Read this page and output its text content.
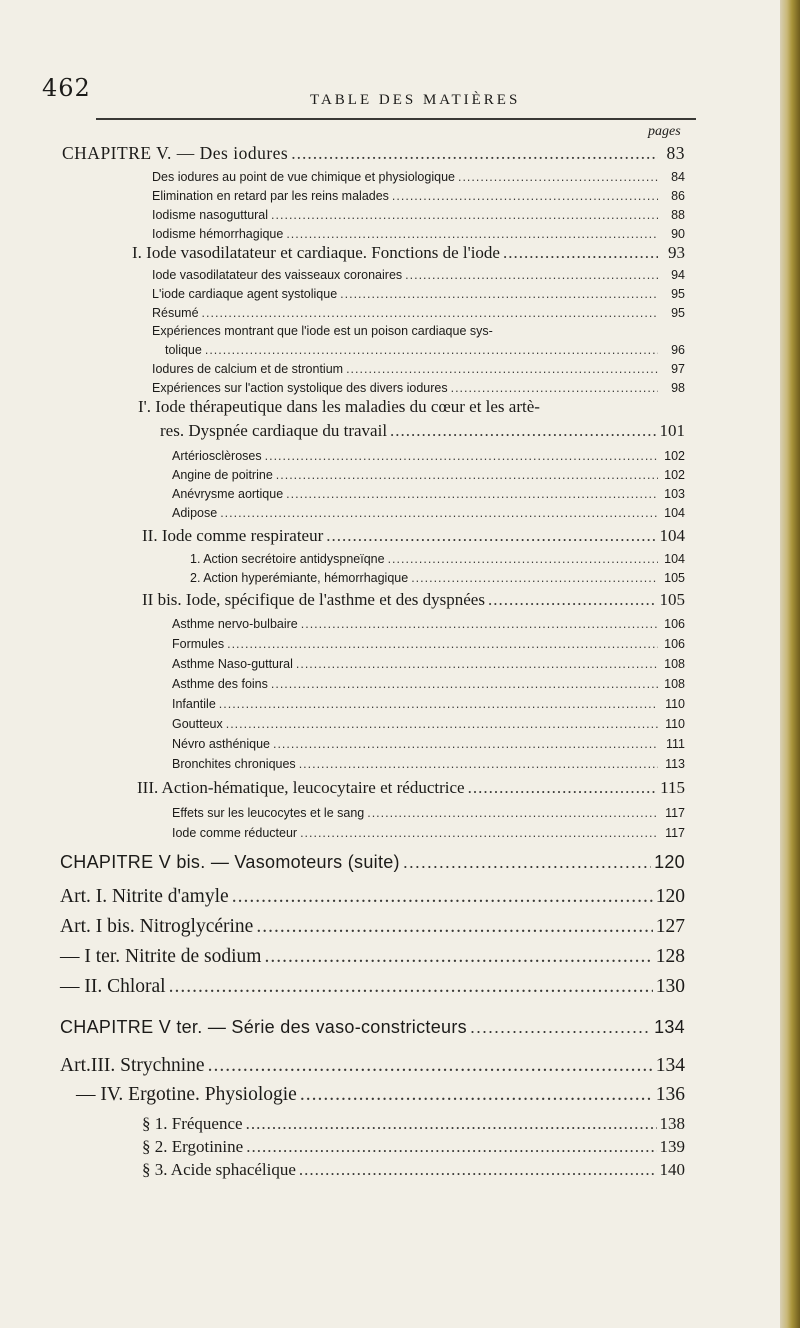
462	TABLE DES MATIÈRES
pages
CHAPITRE V. — Des iodures .....	83
Des iodures au point de vue chimique et physiologique .....	84
Elimination en retard par les reins malades .....	86
Iodisme nasoguttural .....	88
Iodisme hémorrhagique .....	90
I. Iode vasodilatateur et cardiaque. Fonctions de l'iode .....	93
Iode vasodilatateur des vaisseaux coronaires .....	94
L'iode cardiaque agent systolique .....	95
Résumé .....	95
Expériences montrant que l'iode est un poison cardiaque sys-
tolique .....	96
Iodures de calcium et de strontium .....	97
Expériences sur l'action systolique des divers iodures .....	98
I'. Iode thérapeutique dans les maladies du cœur et les artè-
res. Dyspnée cardiaque du travail .....	101
Artériosclèroses .....	102
Angine de poitrine .....	102
Anévrysme aortique .....	103
Adipose .....	104
II. Iode comme respirateur .....	104
1. Action secrétoire antidyspneïqne .....	104
2. Action hyperémiante, hémorrhagique .....	105
II bis. Iode, spécifique de l'asthme et des dyspnées .....	105
Asthme nervo-bulbaire .....	106
Formules .....	106
Asthme Naso-guttural .....	108
Asthme des foins .....	108
Infantile .....	110
Goutteux .....	110
Névro asthénique .....	111
Bronchites chroniques .....	113
III. Action-hématique, leucocytaire et réductrice .....	115
Effets sur les leucocytes et le sang .....	117
Iode comme réducteur .....	117
CHAPITRE V bis. — Vasomoteurs (suite) .....	120
Art. I. Nitrite d'amyle .....	120
Art. I bis. Nitroglycérine .....	127
— I ter. Nitrite de sodium .....	128
— II. Chloral .....	130
CHAPITRE V ter. — Série des vaso-constricteurs .....	134
Art.III. Strychnine .....	134
— IV. Ergotine. Physiologie .....	136
§ 1. Fréquence .....	138
§ 2. Ergotinine .....	139
§ 3. Acide sphacélique .....	140
